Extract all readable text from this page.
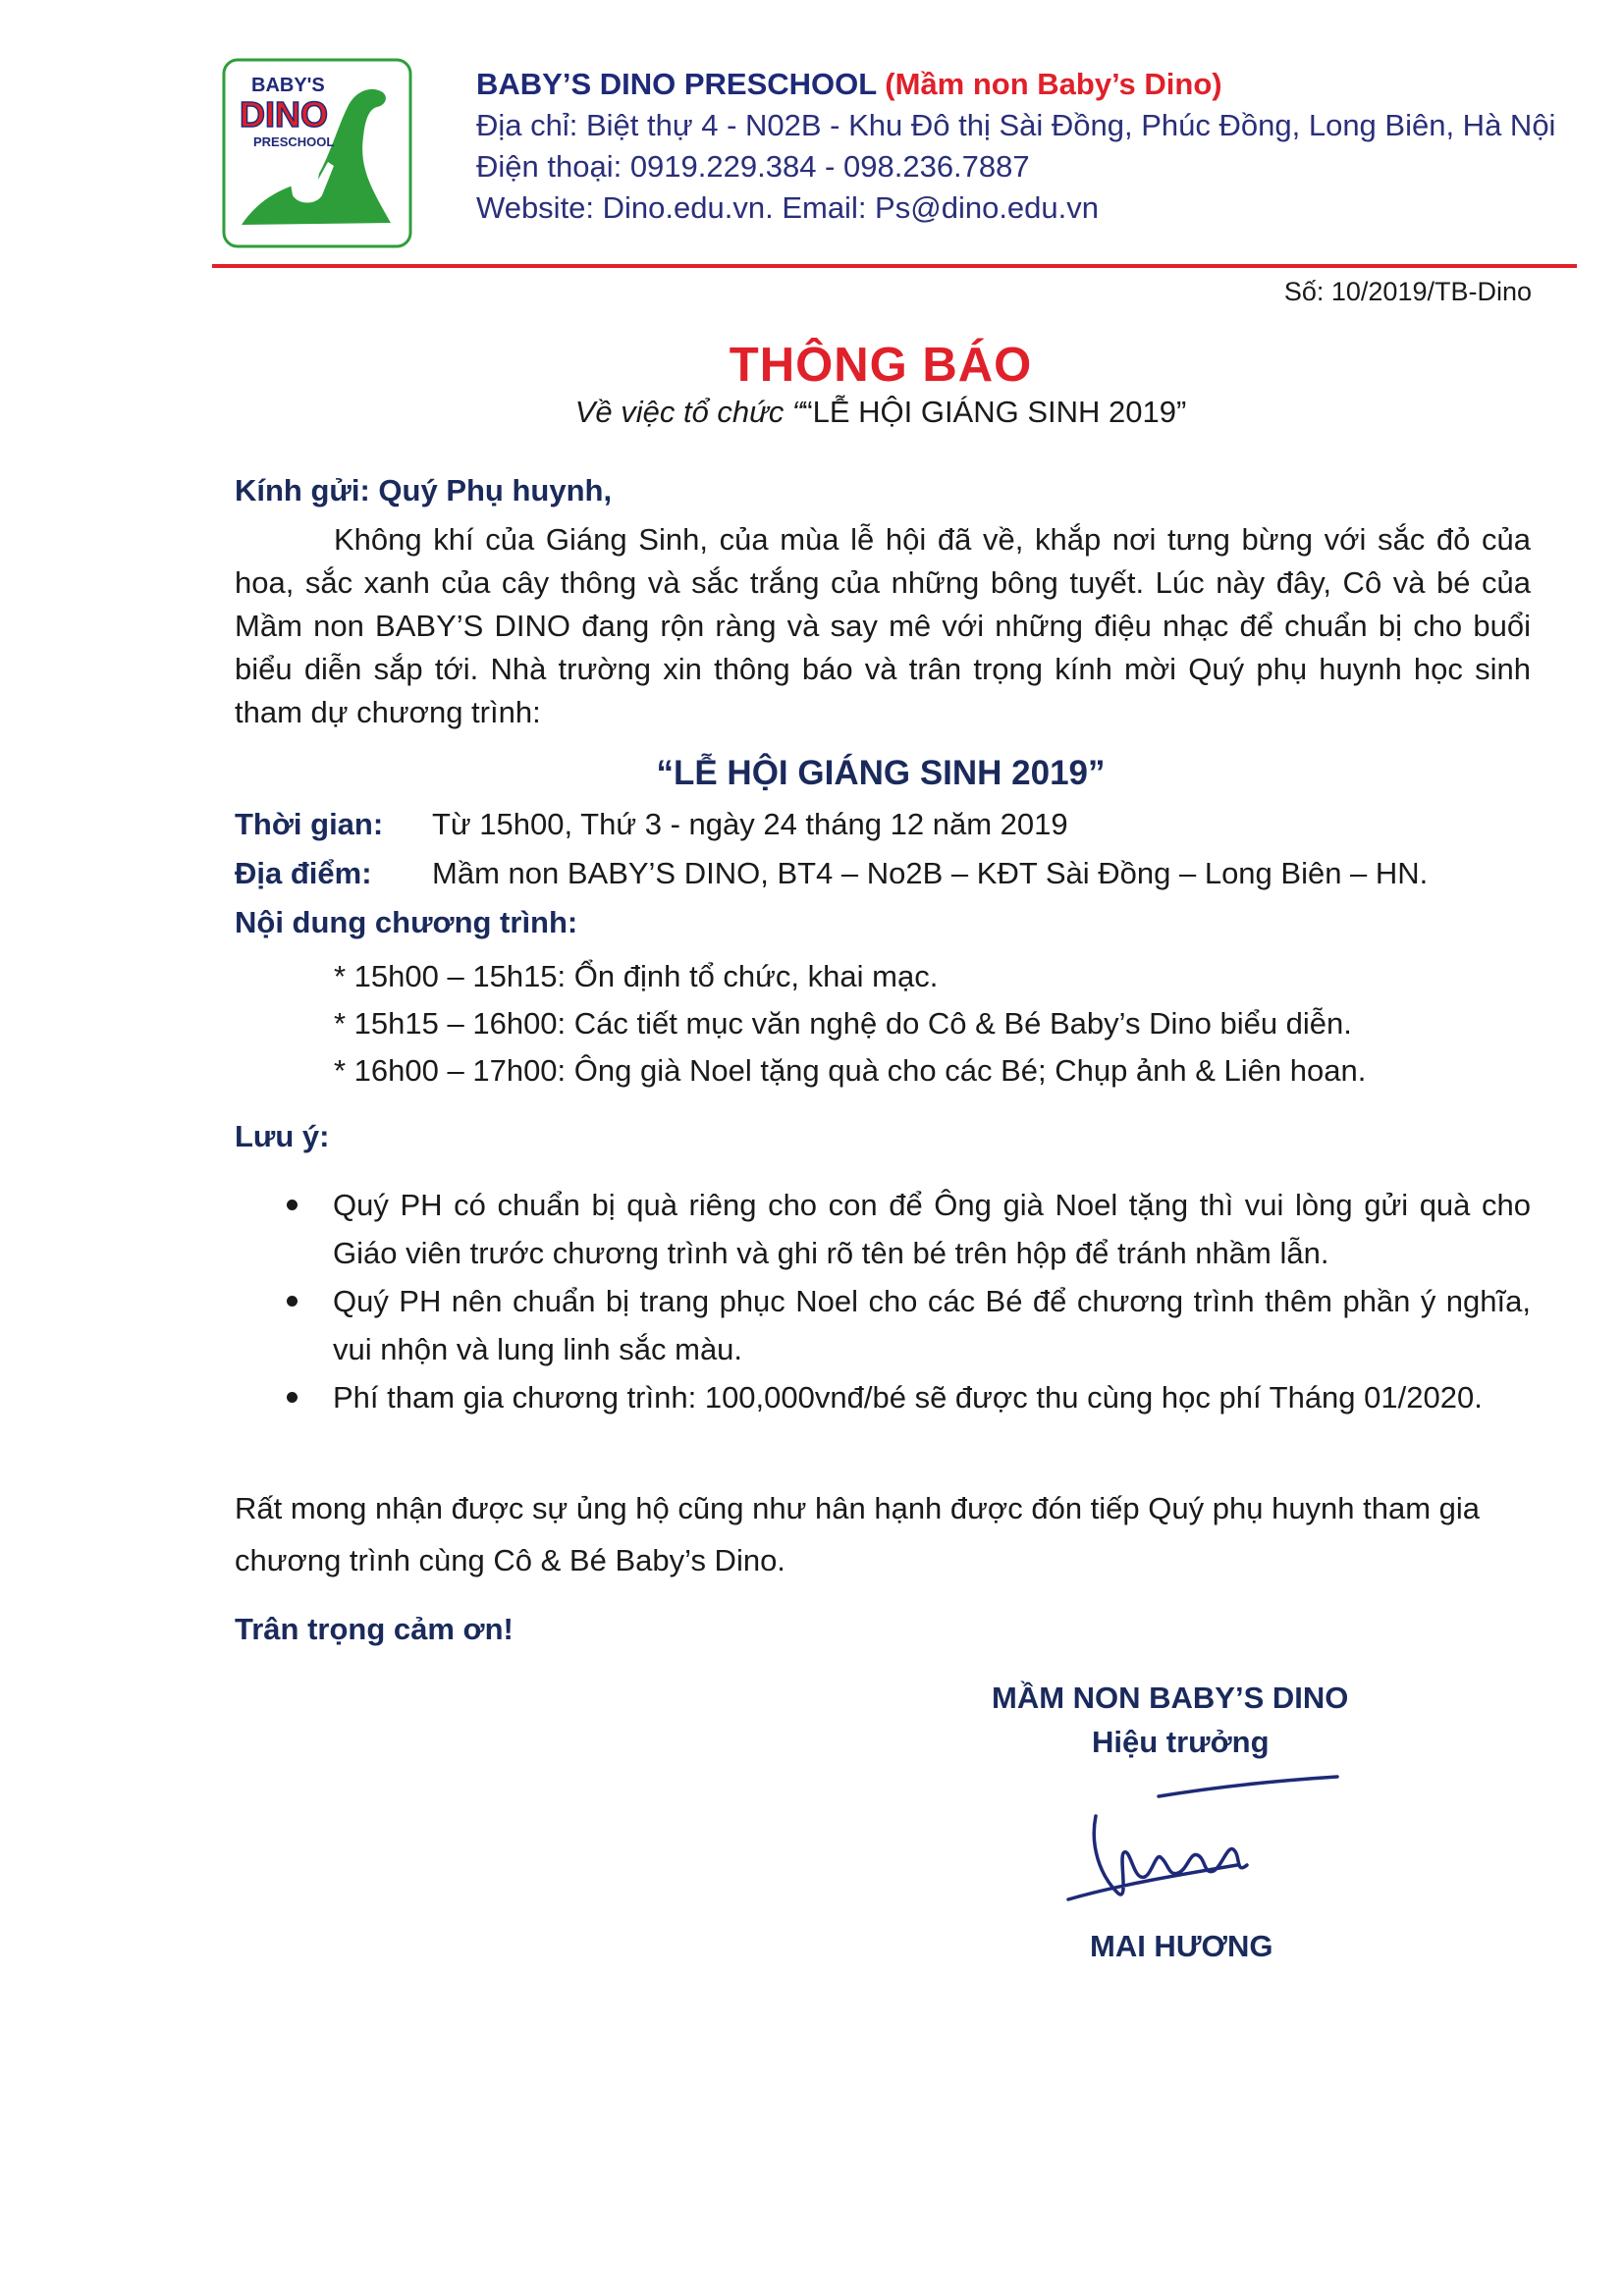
BABY'S
DINO
PRESCHOOL
Let The Children Imagine
BABY’S DINO PRESCHOOL (Mầm non Baby’s Dino)
Địa chỉ: Biệt thự 4 - N02B - Khu Đô thị Sài Đồng, Phúc Đồng, Long Biên, Hà Nội
Điện thoại: 0919.229.384 - 098.236.7887
Website: Dino.edu.vn. Email: Ps@dino.edu.vn
Số: 10/2019/TB-Dino
THÔNG BÁO
Về việc tổ chức ““LỄ HỘI GIÁNG SINH 2019”
Kính gửi: Quý Phụ huynh,
Không khí của Giáng Sinh, của mùa lễ hội đã về, khắp nơi tưng bừng với sắc đỏ của hoa, sắc xanh của cây thông và sắc trắng của những bông tuyết. Lúc này đây, Cô và bé của Mầm non BABY’S DINO đang rộn ràng và say mê với những điệu nhạc để chuẩn bị cho buổi biểu diễn sắp tới. Nhà trường xin thông báo và trân trọng kính mời Quý phụ huynh học sinh tham dự chương trình:
“LỄ HỘI GIÁNG SINH 2019”
Thời gian: Từ 15h00, Thứ 3 - ngày 24 tháng 12 năm 2019
Địa điểm: Mầm non BABY’S DINO, BT4 – No2B – KĐT Sài Đồng – Long Biên – HN.
Nội dung chương trình:
* 15h00 – 15h15: Ổn định tổ chức, khai mạc.
* 15h15 – 16h00: Các tiết mục văn nghệ do Cô & Bé Baby’s Dino biểu diễn.
* 16h00 – 17h00: Ông già Noel tặng quà cho các Bé; Chụp ảnh & Liên hoan.
Lưu ý:
Quý PH có chuẩn bị quà riêng cho con để Ông già Noel tặng thì vui lòng gửi quà cho Giáo viên trước chương trình và ghi rõ tên bé trên hộp để tránh nhầm lẫn.
Quý PH nên chuẩn bị trang phục Noel cho các Bé để chương trình thêm phần ý nghĩa, vui nhộn và lung linh sắc màu.
Phí tham gia chương trình: 100,000vnđ/bé sẽ được thu cùng học phí Tháng 01/2020.
Rất mong nhận được sự ủng hộ cũng như hân hạnh được đón tiếp Quý phụ huynh tham gia chương trình cùng Cô & Bé Baby’s Dino.
Trân trọng cảm ơn!
MẦM NON BABY’S DINO
Hiệu trưởng
MAI HƯƠNG
